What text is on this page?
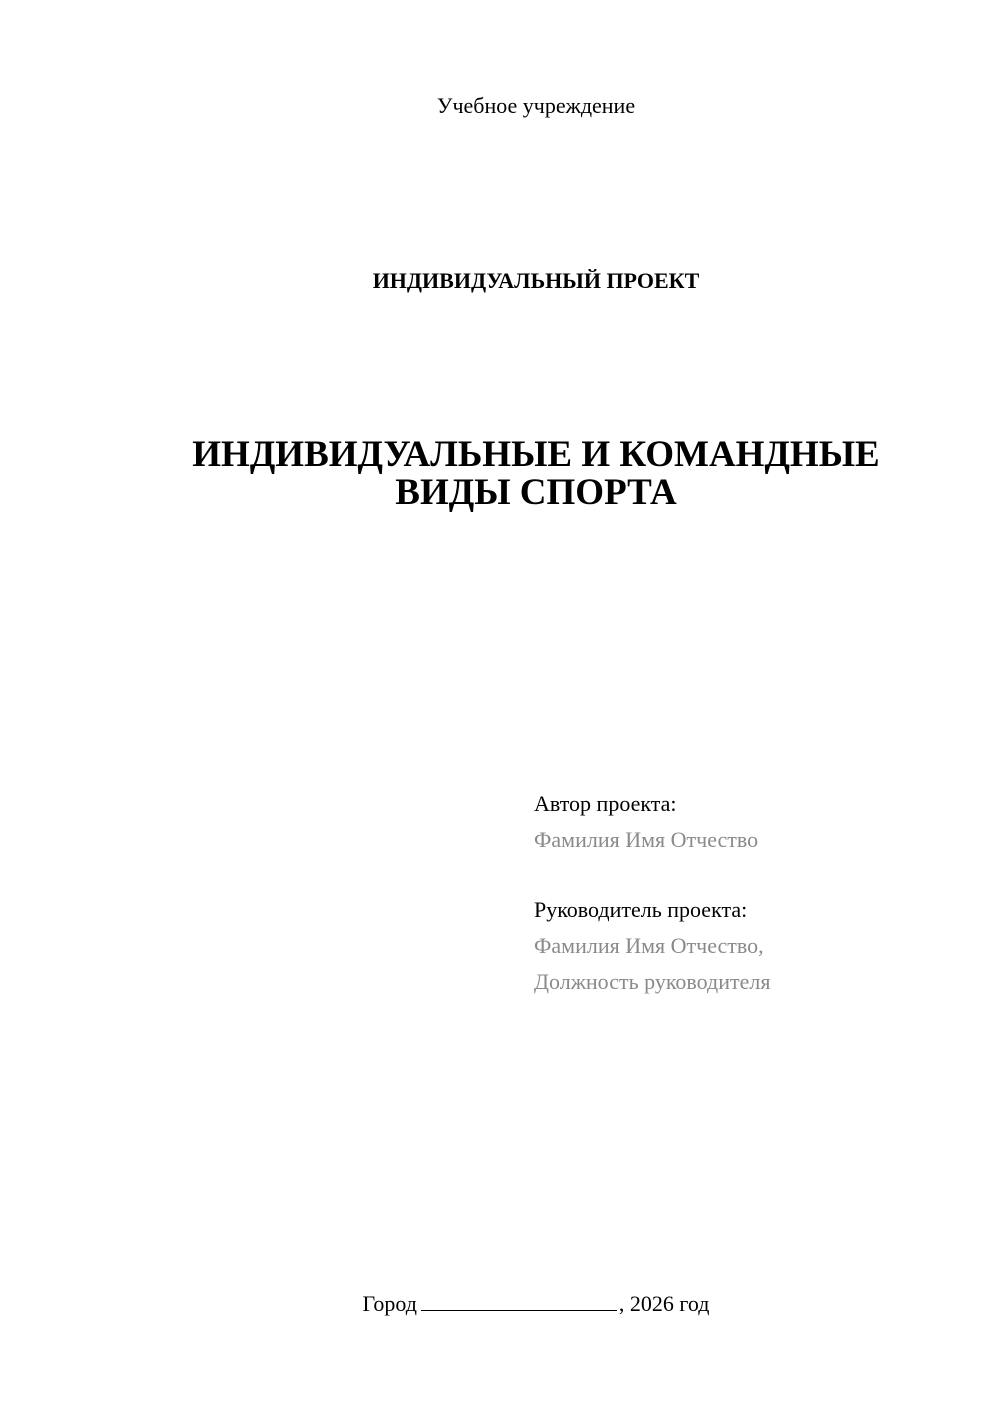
Учебное учреждение
ИНДИВИДУАЛЬНЫЙ ПРОЕКТ
ИНДИВИДУАЛЬНЫЕ И КОМАНДНЫЕ
ВИДЫ СПОРТА
Автор проекта:
Фамилия Имя Отчество
Руководитель проекта:
Фамилия Имя Отчество,
Должность руководителя
Город	, 2026 год
